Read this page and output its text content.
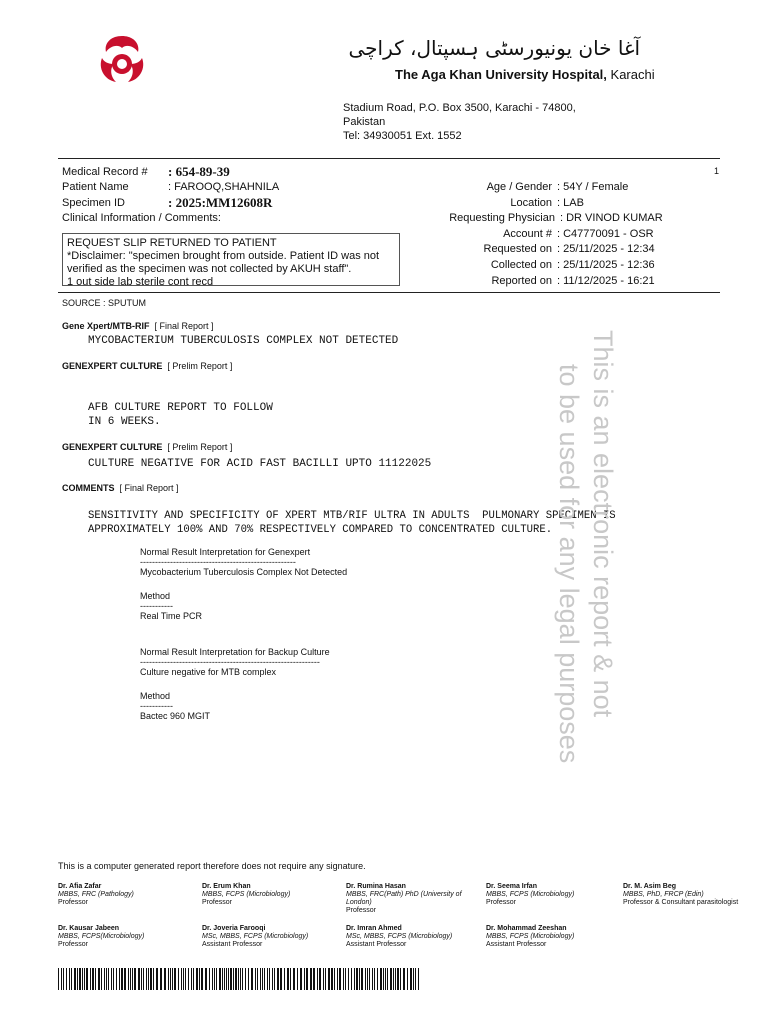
آغا خان یونیورسٹی ہسپتال، کراچی
The Aga Khan University Hospital, Karachi
Stadium Road, P.O. Box 3500, Karachi - 74800,
Pakistan
Tel: 34930051 Ext. 1552
1
Medical Record # : 654-89-39
Patient Name	: FAROOQ,SHAHNILA
Specimen ID	: 2025:MM12608R
Clinical Information / Comments:
REQUEST SLIP RETURNED TO PATIENT
*Disclaimer: "specimen brought from outside. Patient ID was not
verified as the specimen was not collected by AKUH staff".
1 out side lab sterile cont recd
Age / Gender : 54Y / Female
Location : LAB
Requesting Physician : DR VINOD KUMAR
Account # : C47770091 - OSR
Requested on : 25/11/2025 - 12:34
Collected on : 25/11/2025 - 12:36
Reported on : 11/12/2025 - 16:21
SOURCE : SPUTUM
Gene Xpert/MTB-RIF [ Final Report ]
MYCOBACTERIUM TUBERCULOSIS COMPLEX NOT DETECTED
GENEXPERT CULTURE [ Prelim Report ]
AFB CULTURE REPORT TO FOLLOW
IN 6 WEEKS.
GENEXPERT CULTURE [ Prelim Report ]
CULTURE NEGATIVE FOR ACID FAST BACILLI UPTO 11122025
COMMENTS [ Final Report ]
SENSITIVITY AND SPECIFICITY OF XPERT MTB/RIF ULTRA IN ADULTS  PULMONARY SPECIMEN IS
APPROXIMATELY 100% AND 70% RESPECTIVELY COMPARED TO CONCENTRATED CULTURE.
Normal Result Interpretation for Genexpert
----------------------------------------------------
Mycobacterium Tuberculosis Complex Not Detected
Method
-----------
Real Time PCR
Normal Result Interpretation for Backup Culture
------------------------------------------------------------
Culture negative for MTB complex
Method
-----------
Bactec 960 MGIT	This is an electronic report & not
to be used for any legal purposes
This is a computer generated report therefore does not require any signature.
Dr. Afia Zafar
MBBS, FRC (Pathology)
Professor
Dr. Erum Khan
MBBS, FCPS (Microbiology)
Professor
Dr. Rumina Hasan
MBBS, FRC(Path) PhD (University of London)
Professor
Dr. Seema Irfan
MBBS, FCPS (Microbiology)
Professor
Dr. M. Asim Beg
MBBS, PhD, FRCP (Edin)
Professor & Consultant parasitologist
Dr. Kausar Jabeen
MBBS, FCPS(Microbiology)
Professor
Dr. Joveria Farooqi
MSc, MBBS, FCPS (Microbiology)
Assistant Professor
Dr. Imran Ahmed
MSc, MBBS, FCPS (Microbiology)
Assistant Professor
Dr. Mohammad Zeeshan
MBBS, FCPS (Microbiology)
Assistant Professor
